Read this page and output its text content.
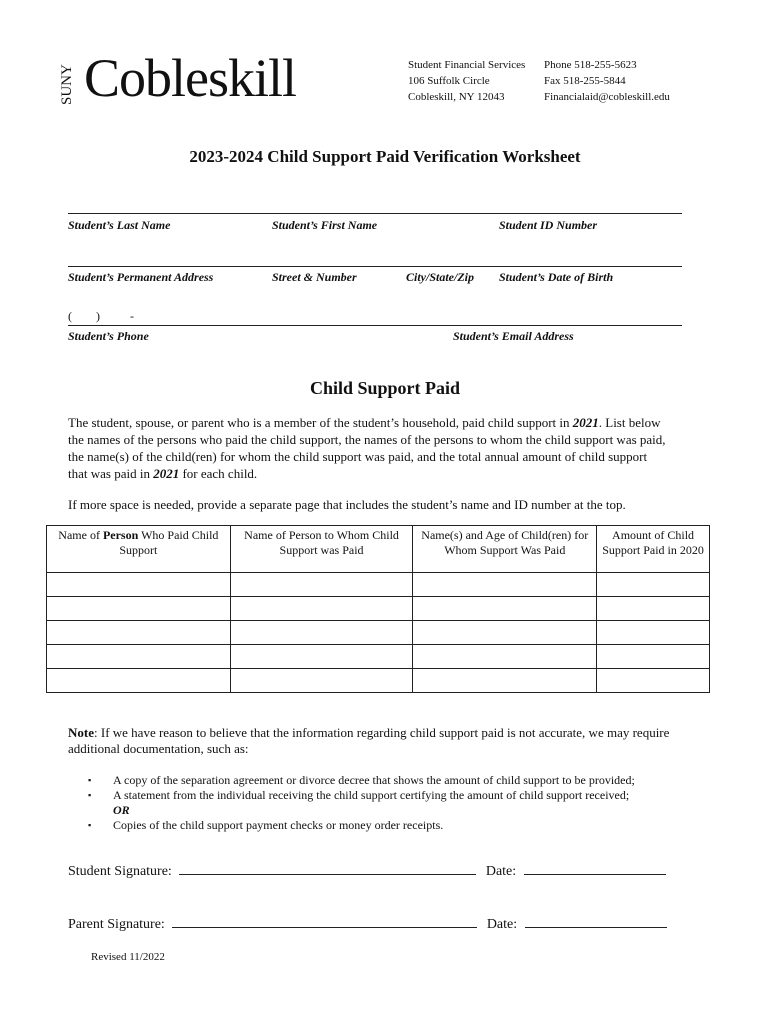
SUNY Cobleskill	Student Financial Services
106 Suffolk Circle
Cobleskill, NY 12043
Phone 518-255-5623
Fax 518-255-5844
Financialaid@cobleskill.edu
2023-2024 Child Support Paid Verification Worksheet
Student’s Last Name	Student’s First Name	Student ID Number
Student’s Permanent Address	Street & Number	City/State/Zip Student’s Date of Birth
(        )          -
Student’s Phone	Student’s Email Address
Child Support Paid
The student, spouse, or parent who is a member of the student’s household, paid child support in 2021. List below the names of the persons who paid the child support, the names of the persons to whom the child support was paid, the name(s) of the child(ren) for whom the child support was paid, and the total annual amount of child support that was paid in 2021 for each child.
If more space is needed, provide a separate page that includes the student’s name and ID number at the top.
Name of Person Who Paid Child Support	Name of Person to Whom Child Support was Paid	Name(s) and Age of Child(ren) for Whom Support Was Paid	Amount of Child Support Paid in 2020

Note: If we have reason to believe that the information regarding child support paid is not accurate, we may require additional documentation, such as:
▪ A copy of the separation agreement or divorce decree that shows the amount of child support to be provided;
▪ A statement from the individual receiving the child support certifying the amount of child support received;
OR
▪ Copies of the child support payment checks or money order receipts.
Student Signature:	Date:
Parent Signature:	Date:
Revised 11/2022
